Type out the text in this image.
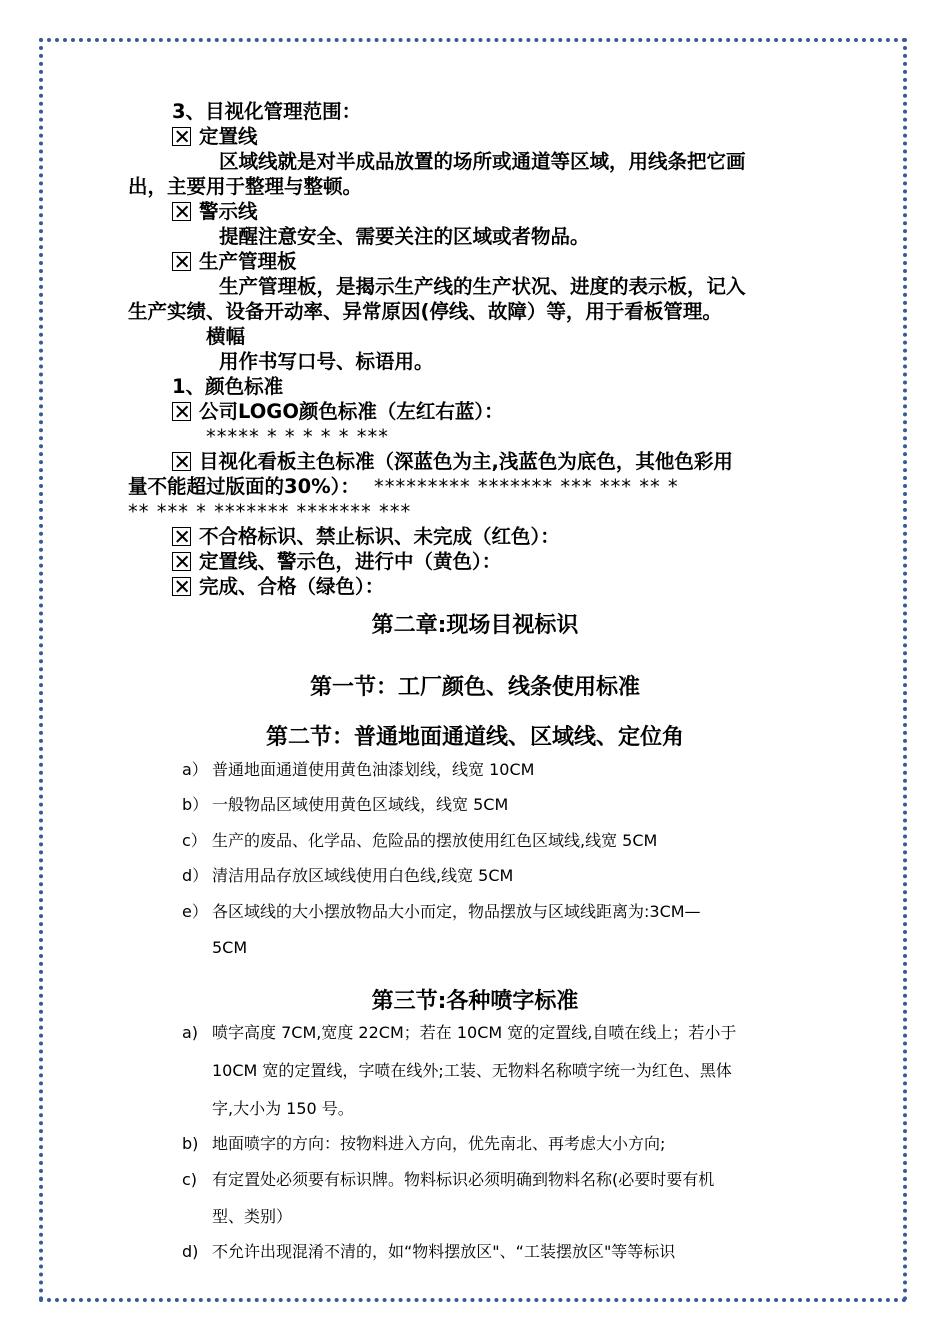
3、目视化管理范围：
定置线
区域线就是对半成品放置的场所或通道等区域，用线条把它画
出，主要用于整理与整顿。
警示线
提醒注意安全、需要关注的区域或者物品。
生产管理板
生产管理板，是揭示生产线的生产状况、进度的表示板，记入
生产实绩、设备开动率、异常原因(停线、故障）等，用于看板管理。
横幅
用作书写口号、标语用。
1、颜色标准
公司LOGO颜色标准（左红右蓝）：
***** * * * * * ***
目视化看板主色标准（深蓝色为主,浅蓝色为底色，其他色彩用
量不能超过版面的30%）： ********* ******* *** *** ** *
** *** * ******* ******* ***
不合格标识、禁止标识、未完成（红色）：
定置线、警示色，进行中（黄色）：
完成、合格（绿色）：
第二章:现场目视标识
第一节：工厂颜色、线条使用标准
第二节：普通地面通道线、区域线、定位角
a） 普通地面通道使用黄色油漆划线，线宽 10CM
b） 一般物品区域使用黄色区域线，线宽 5CM
c） 生产的废品、化学品、危险品的摆放使用红色区域线,线宽 5CM
d） 清洁用品存放区域线使用白色线,线宽 5CM
e） 各区域线的大小摆放物品大小而定，物品摆放与区域线距离为:3CM—
5CM
第三节:各种喷字标准
a) 喷字高度 7CM,宽度 22CM；若在 10CM 宽的定置线,自喷在线上；若小于
10CM 宽的定置线，字喷在线外;工装、无物料名称喷字统一为红色、黑体
字,大小为 150 号。
b) 地面喷字的方向：按物料进入方向，优先南北、再考虑大小方向;
c) 有定置处必须要有标识牌。物料标识必须明确到物料名称(必要时要有机
型、类别）
d) 不允许出现混淆不清的，如“物料摆放区"、“工装摆放区"等等标识
